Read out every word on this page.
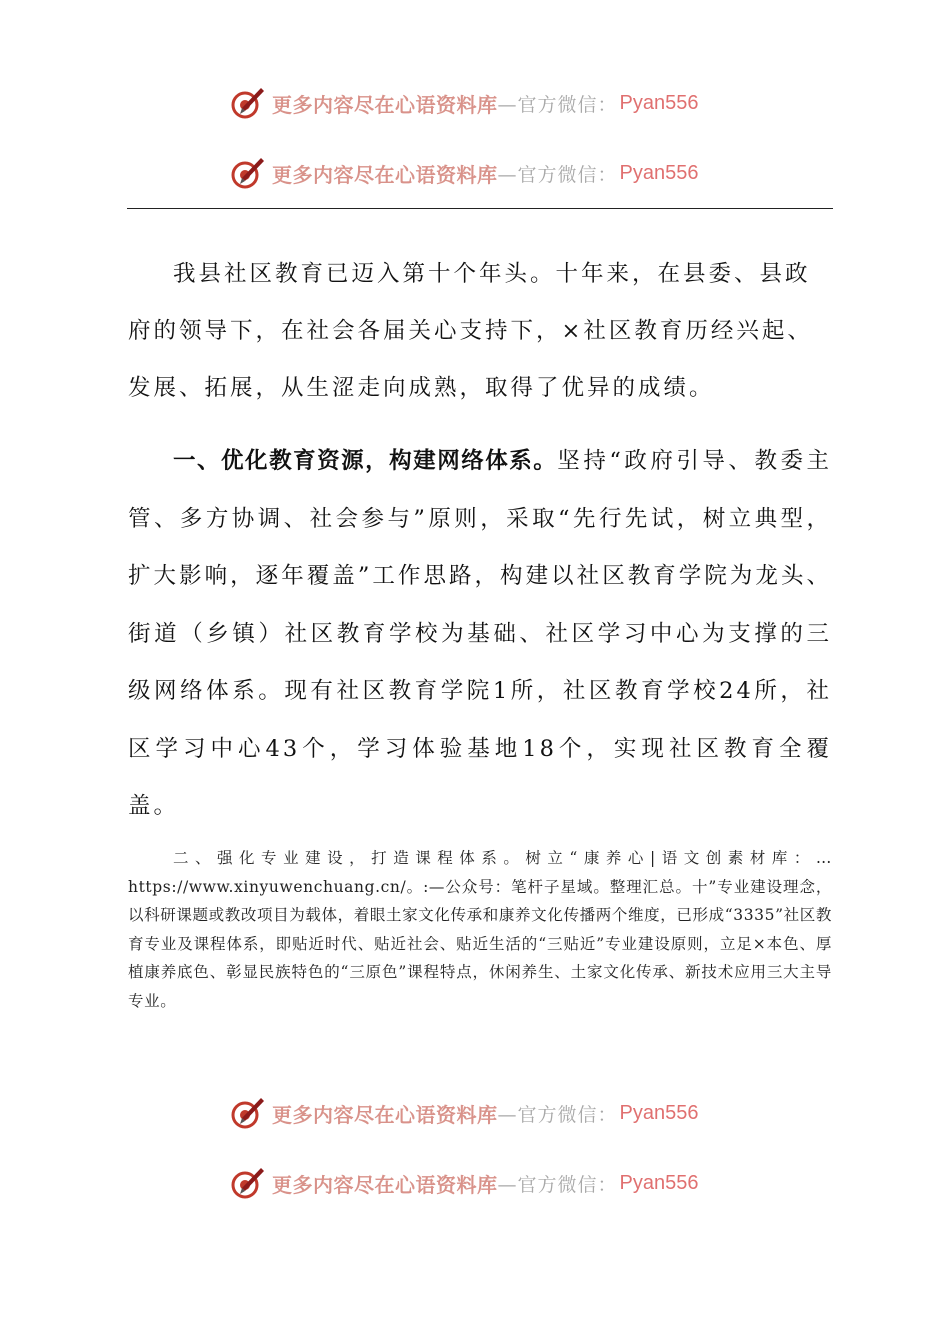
更多内容尽在心语资料库 —官方微信： Pyan556
更多内容尽在心语资料库 —官方微信： Pyan556

我县社区教育已迈入第十个年头。十年来，在县委、县政府的领导下，在社会各届关心支持下，×社区教育历经兴起、发展、拓展，从生涩走向成熟，取得了优异的成绩。

一、优化教育资源，构建网络体系。坚持“政府引导、教委主管、多方协调、社会参与”原则，采取“先行先试，树立典型，扩大影响，逐年覆盖”工作思路，构建以社区教育学院为龙头、街道（乡镇）社区教育学校为基础、社区学习中心为支撑的三级网络体系。现有社区教育学院1所，社区教育学校24所，社区学习中心43个，学习体验基地18个，实现社区教育全覆盖。

二、强化专业建设，打造课程体系。树立“康养心|语文创素材库：…https://www.xinyuwenchuang.cn/。:—公众号：笔杆子星域。整理汇总。十”专业建设理念，以科研课题或教改项目为载体，着眼土家文化传承和康养文化传播两个维度，已形成“3335”社区教育专业及课程体系，即贴近时代、贴近社会、贴近生活的“三贴近”专业建设原则，立足×本色、厚植康养底色、彰显民族特色的“三原色”课程特点，休闲养生、土家文化传承、新技术应用三大主导专业。

更多内容尽在心语资料库 —官方微信： Pyan556
更多内容尽在心语资料库 —官方微信： Pyan556
